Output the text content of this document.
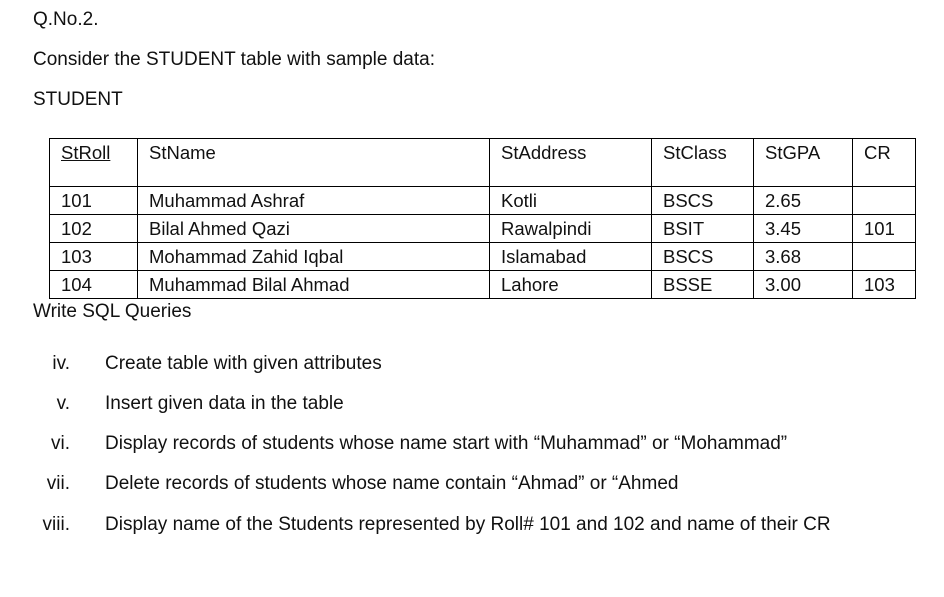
Q.No.2.
Consider the STUDENT table with sample data:
STUDENT
StRoll	StName	StAddress	StClass	StGPA	CR
101	Muhammad Ashraf	Kotli	BSCS	2.65	
102	Bilal Ahmed Qazi	Rawalpindi	BSIT	3.45	101
103	Mohammad Zahid Iqbal	Islamabad	BSCS	3.68	
104	Muhammad Bilal Ahmad	Lahore	BSSE	3.00	103
Write SQL Queries
iv. Create table with given attributes
v. Insert given data in the table
vi. Display records of students whose name start with “Muhammad” or “Mohammad”
vii. Delete records of students whose name contain “Ahmad” or “Ahmed
viii. Display name of the Students represented by Roll# 101 and 102 and name of their CR
